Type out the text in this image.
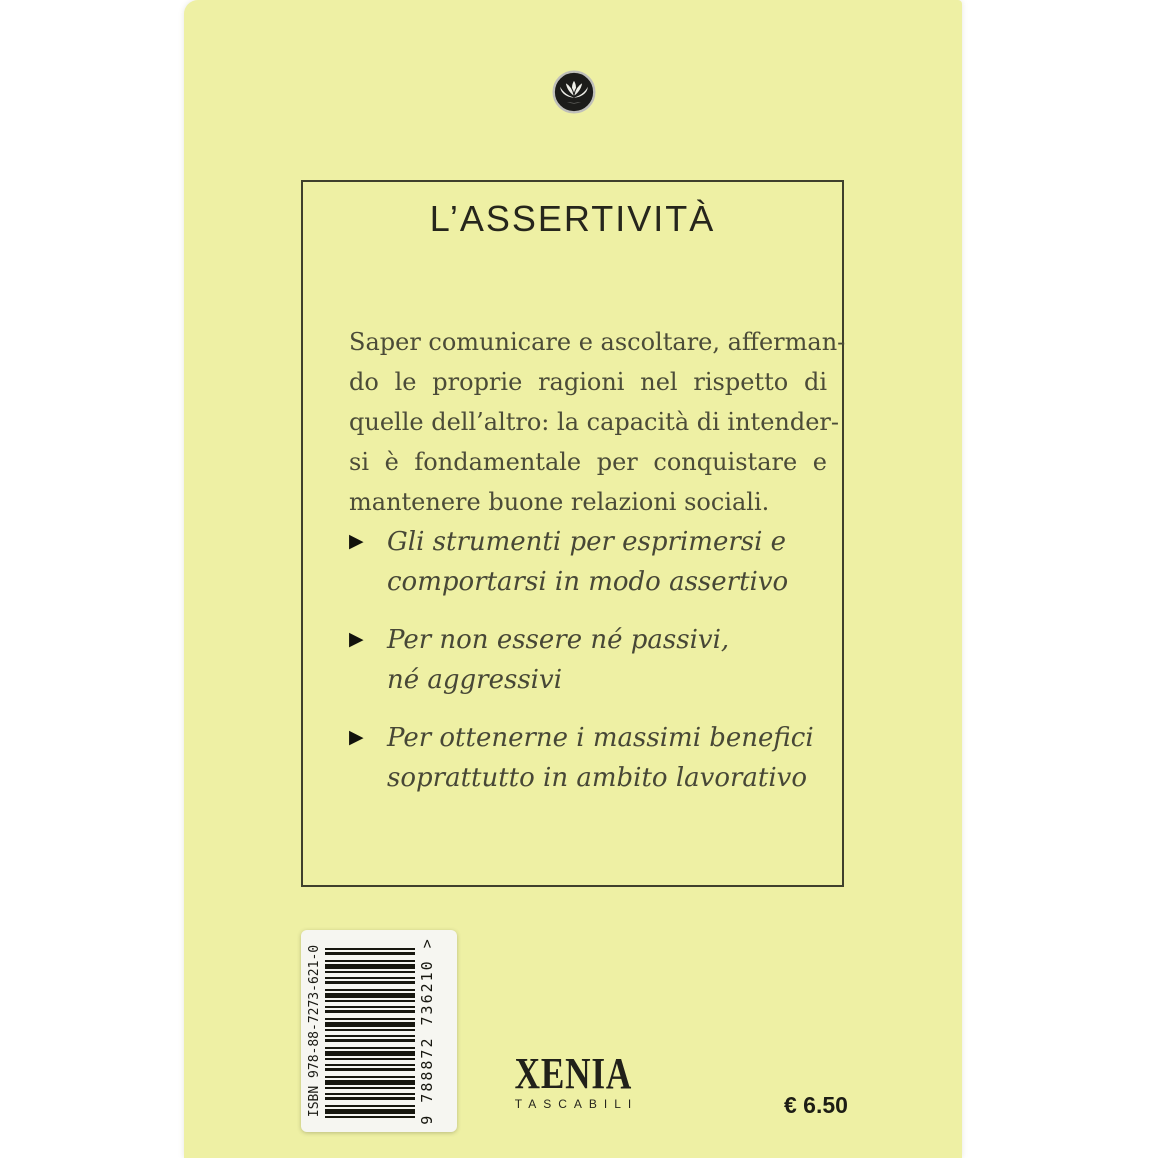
L’ASSERTIVITÀ
Saper comunicare e ascoltare, afferman-
do le proprie ragioni nel rispetto di
quelle dell’altro: la capacità di intender-
si è fondamentale per conquistare e
mantenere buone relazioni sociali.
▶ Gli strumenti per esprimersi e
comportarsi in modo assertivo
▶ Per non essere né passivi,
né aggressivi
▶ Per ottenerne i massimi benefici
soprattutto in ambito lavorativo
ISBN 978-88-7273-621-0	9 788872 736210 >	XENIA
TASCABILI	€ 6.50
